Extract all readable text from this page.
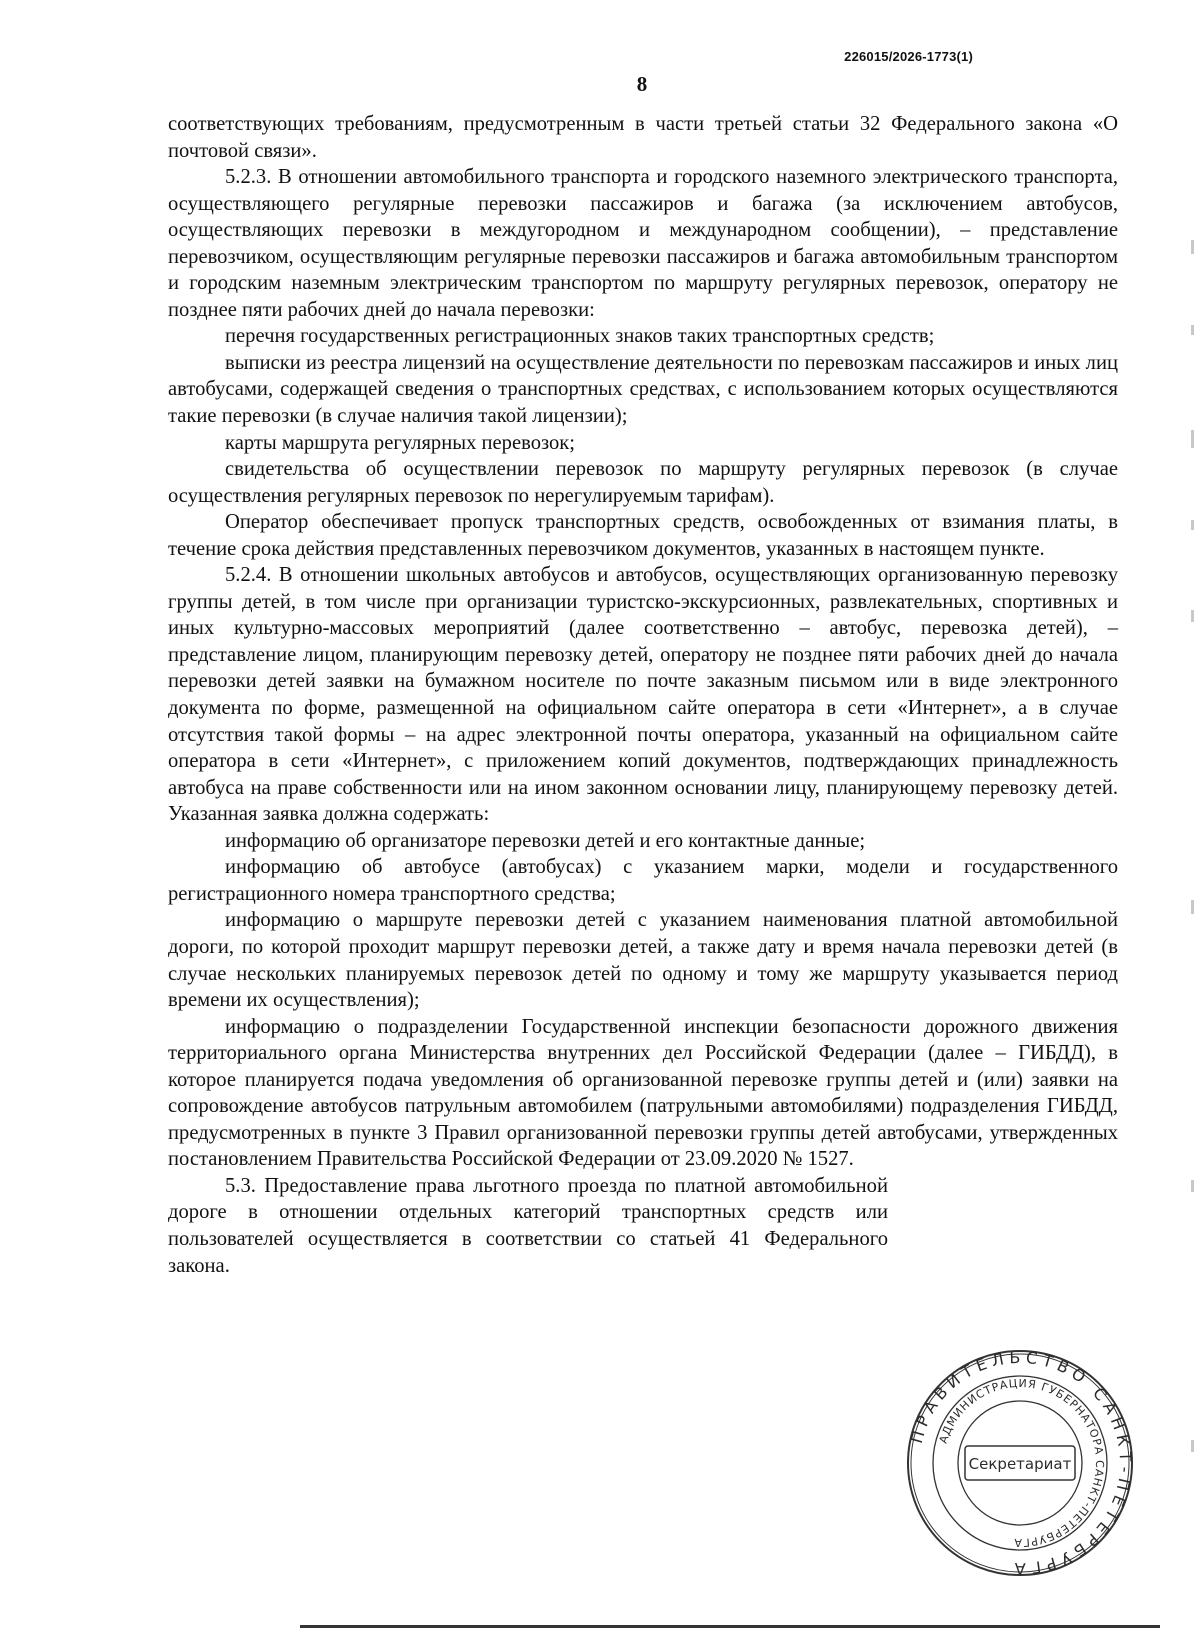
226015/2026-1773(1)
8

соответствующих требованиям, предусмотренным в части третьей статьи 32 Федерального закона «О почтовой связи».

5.2.3. В отношении автомобильного транспорта и городского наземного электрического транспорта, осуществляющего регулярные перевозки пассажиров и багажа (за исключением автобусов, осуществляющих перевозки в междугородном и международном сообщении), – представление перевозчиком, осуществляющим регулярные перевозки пассажиров и багажа автомобильным транспортом и городским наземным электрическим транспортом по маршруту регулярных перевозок, оператору не позднее пяти рабочих дней до начала перевозки:

перечня государственных регистрационных знаков таких транспортных средств;

выписки из реестра лицензий на осуществление деятельности по перевозкам пассажиров и иных лиц автобусами, содержащей сведения о транспортных средствах, с использованием которых осуществляются такие перевозки (в случае наличия такой лицензии);

карты маршрута регулярных перевозок;

свидетельства об осуществлении перевозок по маршруту регулярных перевозок (в случае осуществления регулярных перевозок по нерегулируемым тарифам).

Оператор обеспечивает пропуск транспортных средств, освобожденных от взимания платы, в течение срока действия представленных перевозчиком документов, указанных в настоящем пункте.

5.2.4. В отношении школьных автобусов и автобусов, осуществляющих организованную перевозку группы детей, в том числе при организации туристско-экскурсионных, развлекательных, спортивных и иных культурно-массовых мероприятий (далее соответственно – автобус, перевозка детей), – представление лицом, планирующим перевозку детей, оператору не позднее пяти рабочих дней до начала перевозки детей заявки на бумажном носителе по почте заказным письмом или в виде электронного документа по форме, размещенной на официальном сайте оператора в сети «Интернет», а в случае отсутствия такой формы – на адрес электронной почты оператора, указанный на официальном сайте оператора в сети «Интернет», с приложением копий документов, подтверждающих принадлежность автобуса на праве собственности или на ином законном основании лицу, планирующему перевозку детей. Указанная заявка должна содержать:

информацию об организаторе перевозки детей и его контактные данные;

информацию об автобусе (автобусах) с указанием марки, модели и государственного регистрационного номера транспортного средства;

информацию о маршруте перевозки детей с указанием наименования платной автомобильной дороги, по которой проходит маршрут перевозки детей, а также дату и время начала перевозки детей (в случае нескольких планируемых перевозок детей по одному и тому же маршруту указывается период времени их осуществления);

информацию о подразделении Государственной инспекции безопасности дорожного движения территориального органа Министерства внутренних дел Российской Федерации (далее – ГИБДД), в которое планируется подача уведомления об организованной перевозке группы детей и (или) заявки на сопровождение автобусов патрульным автомобилем (патрульными автомобилями) подразделения ГИБДД, предусмотренных в пункте 3 Правил организованной перевозки группы детей автобусами, утвержденных постановлением Правительства Российской Федерации от 23.09.2020 № 1527.

5.3. Предоставление права льготного проезда по платной автомобильной дороге в отношении отдельных категорий транспортных средств или пользователей осуществляется в соответствии со статьей 41 Федерального закона.

ПРАВИТЕЛЬСТВО САНКТ-ПЕТЕРБУРГА
АДМИНИСТРАЦИЯ ГУБЕРНАТОРА САНКТ-ПЕТЕРБУРГА
Секретариат
